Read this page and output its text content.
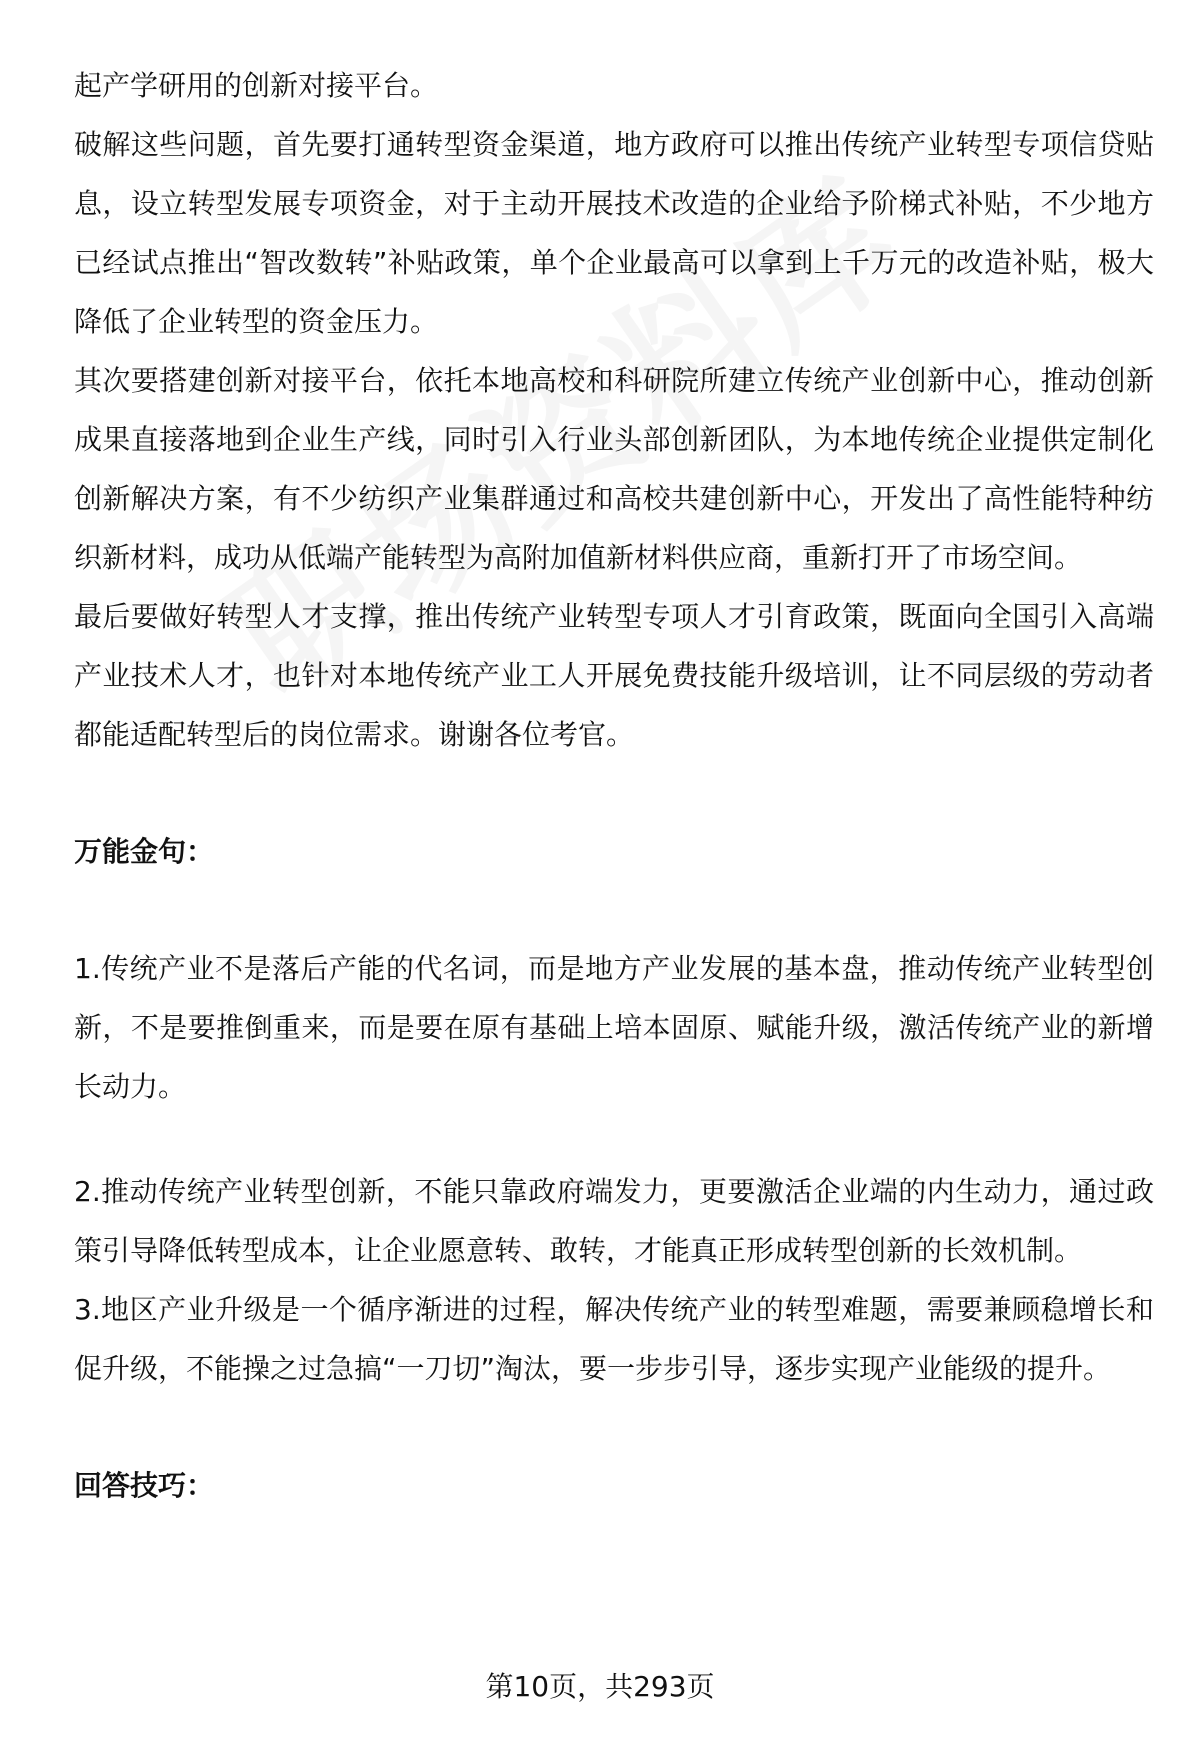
起产学研用的创新对接平台。

破解这些问题，首先要打通转型资金渠道，地方政府可以推出传统产业转型专项信贷贴息，设立转型发展专项资金，对于主动开展技术改造的企业给予阶梯式补贴，不少地方已经试点推出“智改数转”补贴政策，单个企业最高可以拿到上千万元的改造补贴，极大降低了企业转型的资金压力。

其次要搭建创新对接平台，依托本地高校和科研院所建立传统产业创新中心，推动创新成果直接落地到企业生产线，同时引入行业头部创新团队，为本地传统企业提供定制化创新解决方案，有不少纺织产业集群通过和高校共建创新中心，开发出了高性能特种纺织新材料，成功从低端产能转型为高附加值新材料供应商，重新打开了市场空间。

最后要做好转型人才支撑，推出传统产业转型专项人才引育政策，既面向全国引入高端产业技术人才，也针对本地传统产业工人开展免费技能升级培训，让不同层级的劳动者都能适配转型后的岗位需求。谢谢各位考官。

万能金句：

1.传统产业不是落后产能的代名词，而是地方产业发展的基本盘，推动传统产业转型创新，不是要推倒重来，而是要在原有基础上培本固原、赋能升级，激活传统产业的新增长动力。

2.推动传统产业转型创新，不能只靠政府端发力，更要激活企业端的内生动力，通过政策引导降低转型成本，让企业愿意转、敢转，才能真正形成转型创新的长效机制。

3.地区产业升级是一个循序渐进的过程，解决传统产业的转型难题，需要兼顾稳增长和促升级，不能操之过急搞“一刀切”淘汰，要一步步引导，逐步实现产业能级的提升。

回答技巧：
第10页，共293页
